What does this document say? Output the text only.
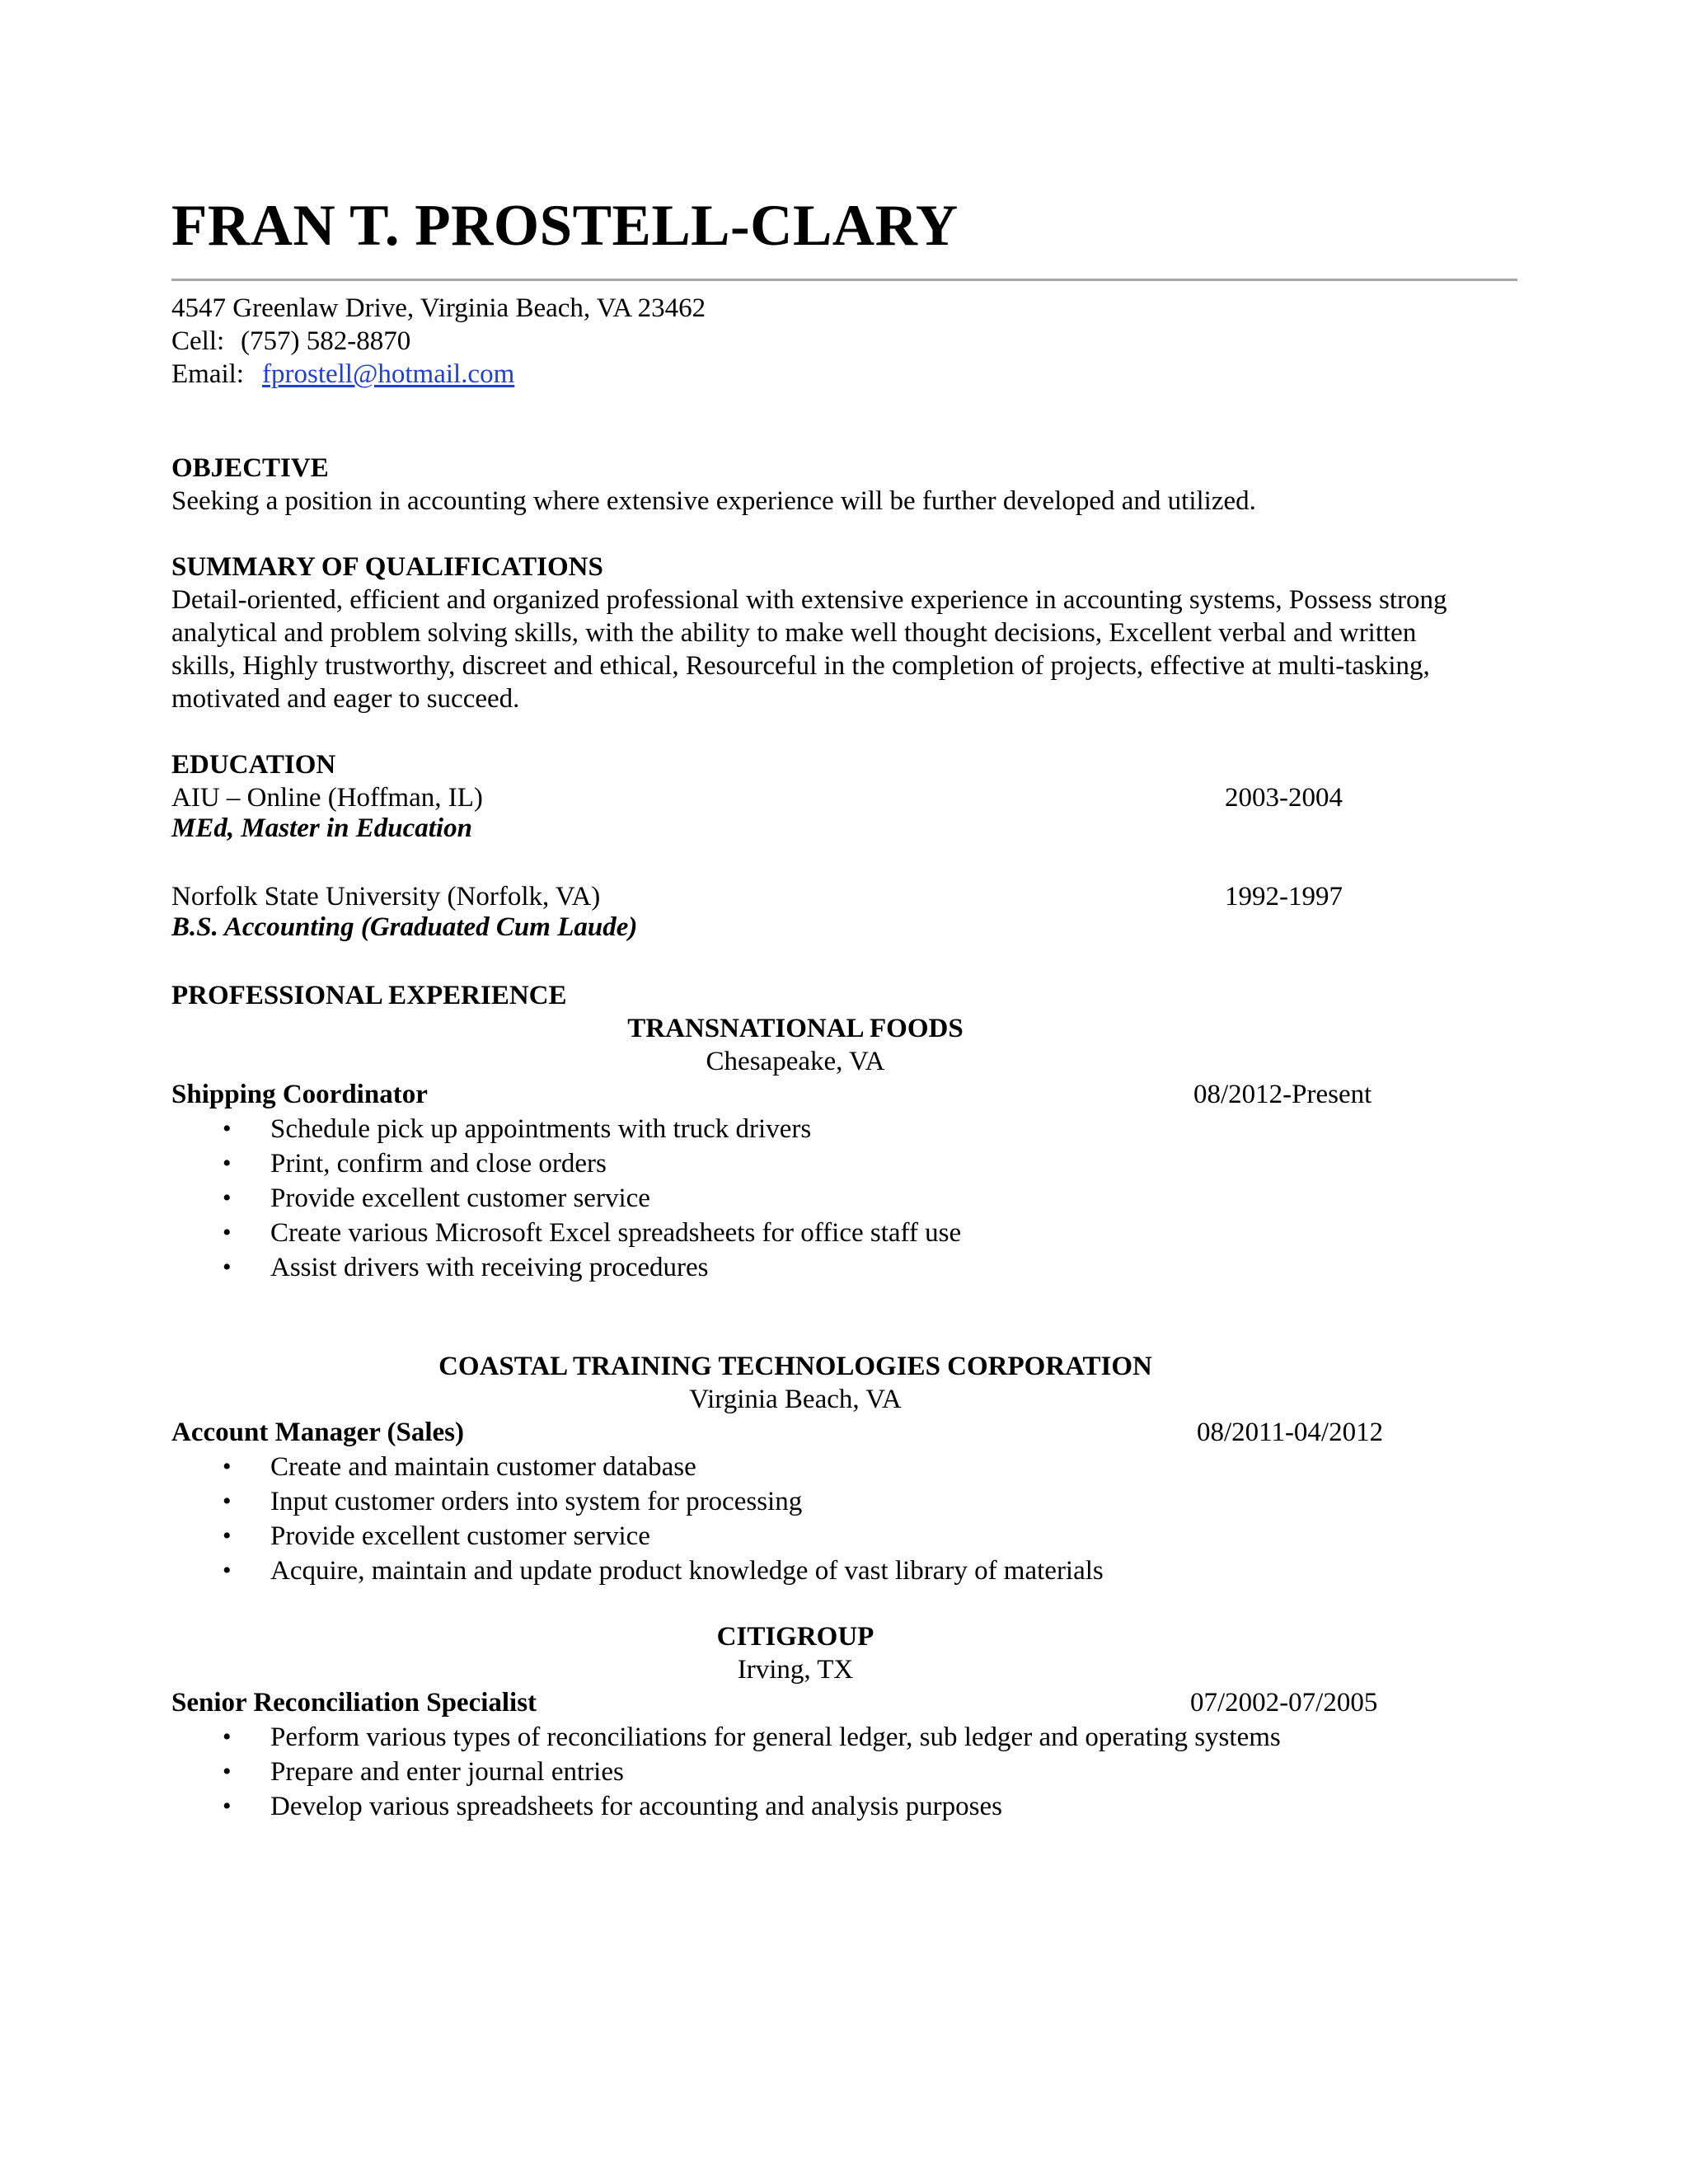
FRAN T. PROSTELL-CLARY
4547 Greenlaw Drive, Virginia Beach, VA 23462
Cell: (757) 582-8870
Email: fprostell@hotmail.com
OBJECTIVE
Seeking a position in accounting where extensive experience will be further developed and utilized.
SUMMARY OF QUALIFICATIONS
Detail-oriented, efficient and organized professional with extensive experience in accounting systems, Possess strong
analytical and problem solving skills, with the ability to make well thought decisions, Excellent verbal and written
skills, Highly trustworthy, discreet and ethical, Resourceful in the completion of projects, effective at multi-tasking,
motivated and eager to succeed.
EDUCATION
AIU – Online (Hoffman, IL)	2003-2004
MEd, Master in Education
Norfolk State University (Norfolk, VA)	1992-1997
B.S. Accounting (Graduated Cum Laude)
PROFESSIONAL EXPERIENCE
TRANSNATIONAL FOODS
Chesapeake, VA
Shipping Coordinator	08/2012-Present
• Schedule pick up appointments with truck drivers
• Print, confirm and close orders
• Provide excellent customer service
• Create various Microsoft Excel spreadsheets for office staff use
• Assist drivers with receiving procedures
COASTAL TRAINING TECHNOLOGIES CORPORATION
Virginia Beach, VA
Account Manager (Sales)	08/2011-04/2012
• Create and maintain customer database
• Input customer orders into system for processing
• Provide excellent customer service
• Acquire, maintain and update product knowledge of vast library of materials
CITIGROUP
Irving, TX
Senior Reconciliation Specialist	07/2002-07/2005
• Perform various types of reconciliations for general ledger, sub ledger and operating systems
• Prepare and enter journal entries
• Develop various spreadsheets for accounting and analysis purposes
